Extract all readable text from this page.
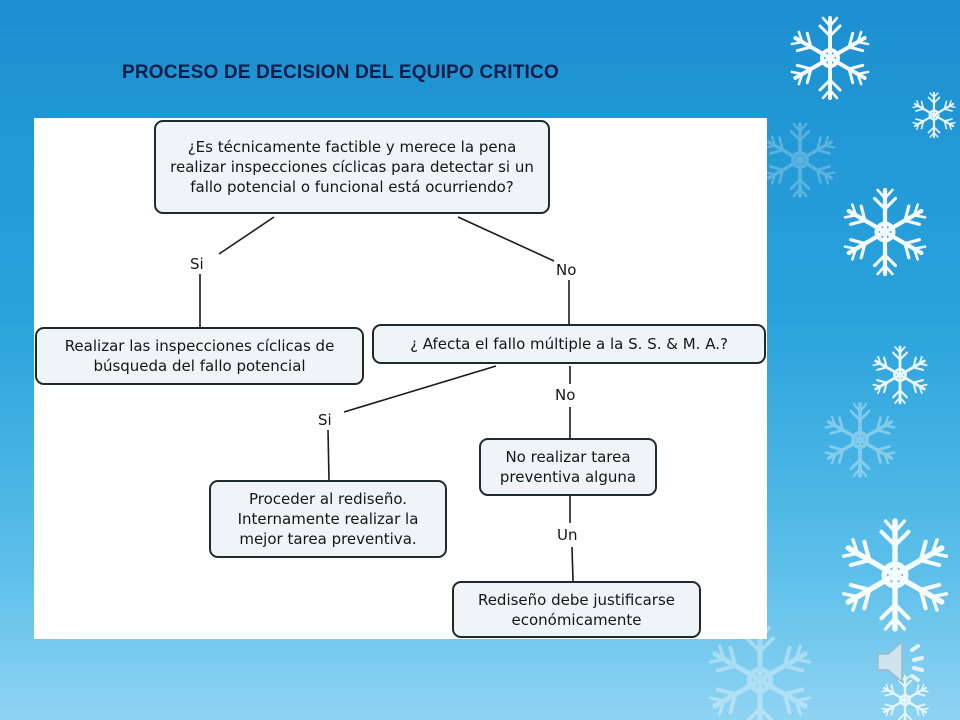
PROCESO DE DECISION DEL EQUIPO CRITICO
¿Es técnicamente factible y merece la pena realizar inspecciones cíclicas para detectar si un fallo potencial o funcional está ocurriendo?
Realizar las inspecciones cíclicas de búsqueda del fallo potencial
¿ Afecta el fallo múltiple a la S. S. & M. A.?
Proceder al rediseño. Internamente realizar la mejor tarea preventiva.
No realizar tarea preventiva alguna
Rediseño debe justificarse económicamente
Si	No
Si
No
Un
